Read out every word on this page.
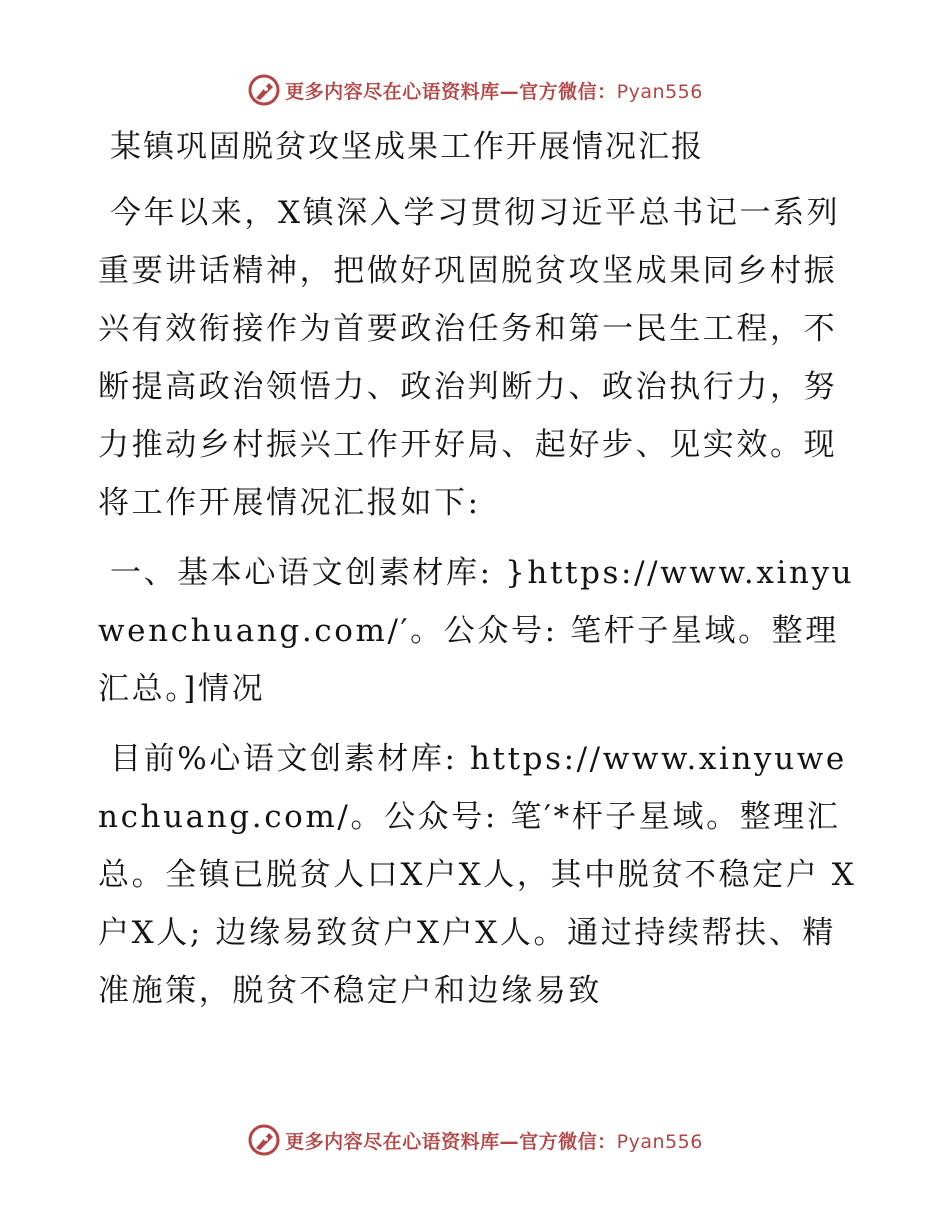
更多内容尽在心语资料库—官方微信：Pyan556
某镇巩固脱贫攻坚成果工作开展情况汇报

今年以来，X镇深入学习贯彻习近平总书记一系列重要讲话精神，把做好巩固脱贫攻坚成果同乡村振兴有效衔接作为首要政治任务和第一民生工程，不断提高政治领悟力、政治判断力、政治执行力，努力推动乡村振兴工作开好局、起好步、见实效。现将工作开展情况汇报如下:

一、基本心语文创素材库: }https://www.xinyuwenchuang.com/′。公众号: 笔杆子星域。整理汇总。]情况

目前%心语文创素材库: https://www.xinyuwenchuang.com/。公众号: 笔′*杆子星域。整理汇总。全镇已脱贫人口X户X人，其中脱贫不稳定户 X户X人; 边缘易致贫户X户X人。通过持续帮扶、精准施策，脱贫不稳定户和边缘易致

更多内容尽在心语资料库—官方微信：Pyan556
